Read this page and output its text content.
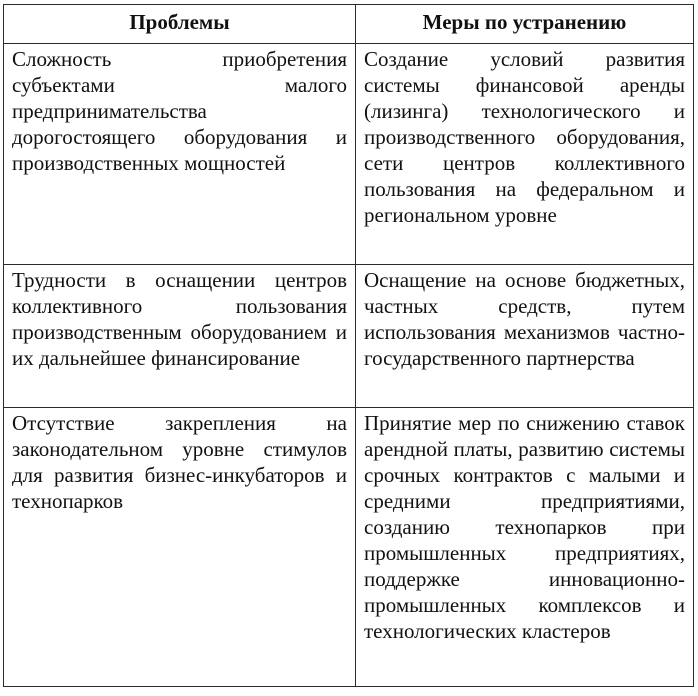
Проблемы	Меры по устранению
Сложность приобретения субъектами малого предпринимательства дорогостоящего оборудования и производственных мощностей	Создание условий развития системы финансовой аренды (лизинга) технологического и производственного оборудования, сети центров коллективного пользования на федеральном и региональном уровне
Трудности в оснащении центров коллективного пользования производственным оборудованием и их дальнейшее финансирование	Оснащение на основе бюджетных, частных средств, путем использования механизмов частно-государственного партнерства
Отсутствие закрепления на законодательном уровне стимулов для развития бизнес-инкубаторов и технопарков	Принятие мер по снижению ставок арендной платы, развитию системы срочных контрактов с малыми и средними предприятиями, созданию технопарков при промышленных предприятиях, поддержке инновационно-промышленных комплексов и технологических кластеров
